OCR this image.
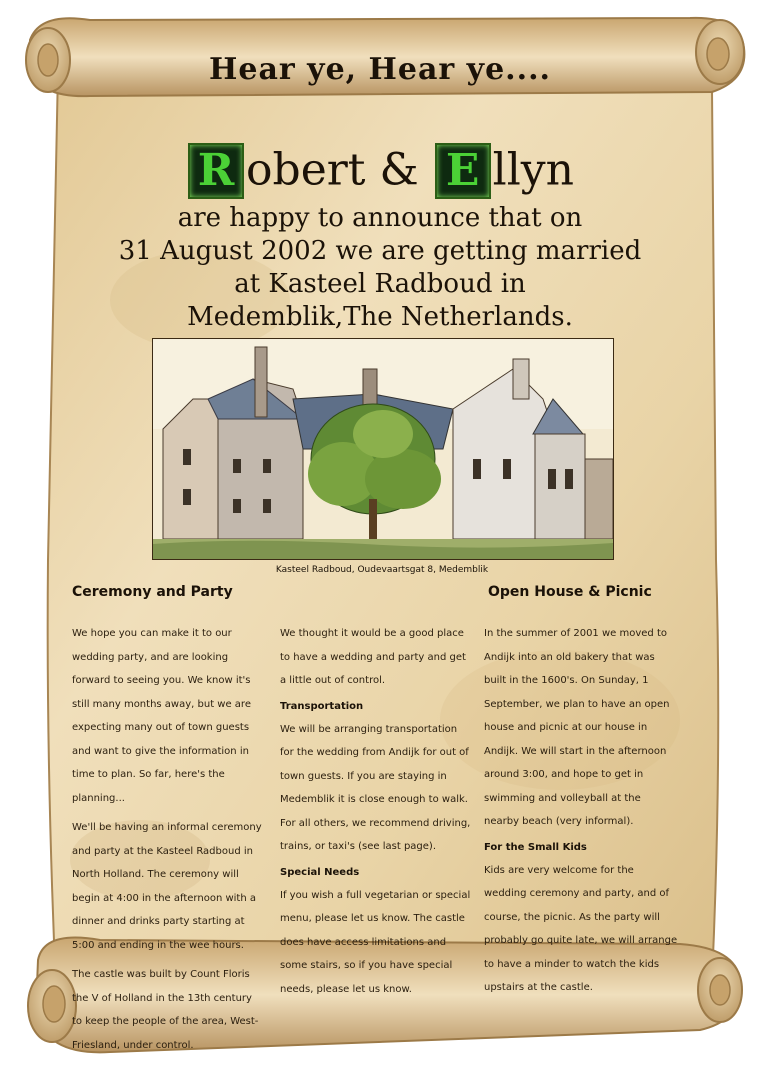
Hear ye, Hear ye....
R obert & E llyn
are happy to announce that on
31 August 2002 we are getting married
at Kasteel Radboud in
Medemblik,The Netherlands.
Kasteel Radboud, Oudevaartsgat 8, Medemblik
Ceremony and Party

We hope you can make it to our wedding party, and are looking forward to seeing you. We know it's still many months away, but we are expecting many out of town guests and want to give the information in time to plan. So far, here's the planning...

We'll be having an informal ceremony and party at the Kasteel Radboud in North Holland. The ceremony will begin at 4:00 in the afternoon with a dinner and drinks party starting at 5:00 and ending in the wee hours.

The castle was built by Count Floris the V of Holland in the 13th century to keep the people of the area, West-Friesland, under control.

We thought it would be a good place to have a wedding and party and get a little out of control.

Transportation

We will be arranging transportation for the wedding from Andijk for out of town guests. If you are staying in Medemblik it is close enough to walk. For all others, we recommend driving, trains, or taxi's (see last page).

Special Needs

If you wish a full vegetarian or special menu, please let us know. The castle does have access limitations and some stairs, so if you have special needs, please let us know.

Open House & Picnic

In the summer of 2001 we moved to Andijk into an old bakery that was built in the 1600's. On Sunday, 1 September, we plan to have an open house and picnic at our house in Andijk. We will start in the afternoon around 3:00, and hope to get in swimming and volleyball at the nearby beach (very informal).

For the Small Kids

Kids are very welcome for the wedding ceremony and party, and of course, the picnic. As the party will probably go quite late, we will arrange to have a minder to watch the kids upstairs at the castle.
